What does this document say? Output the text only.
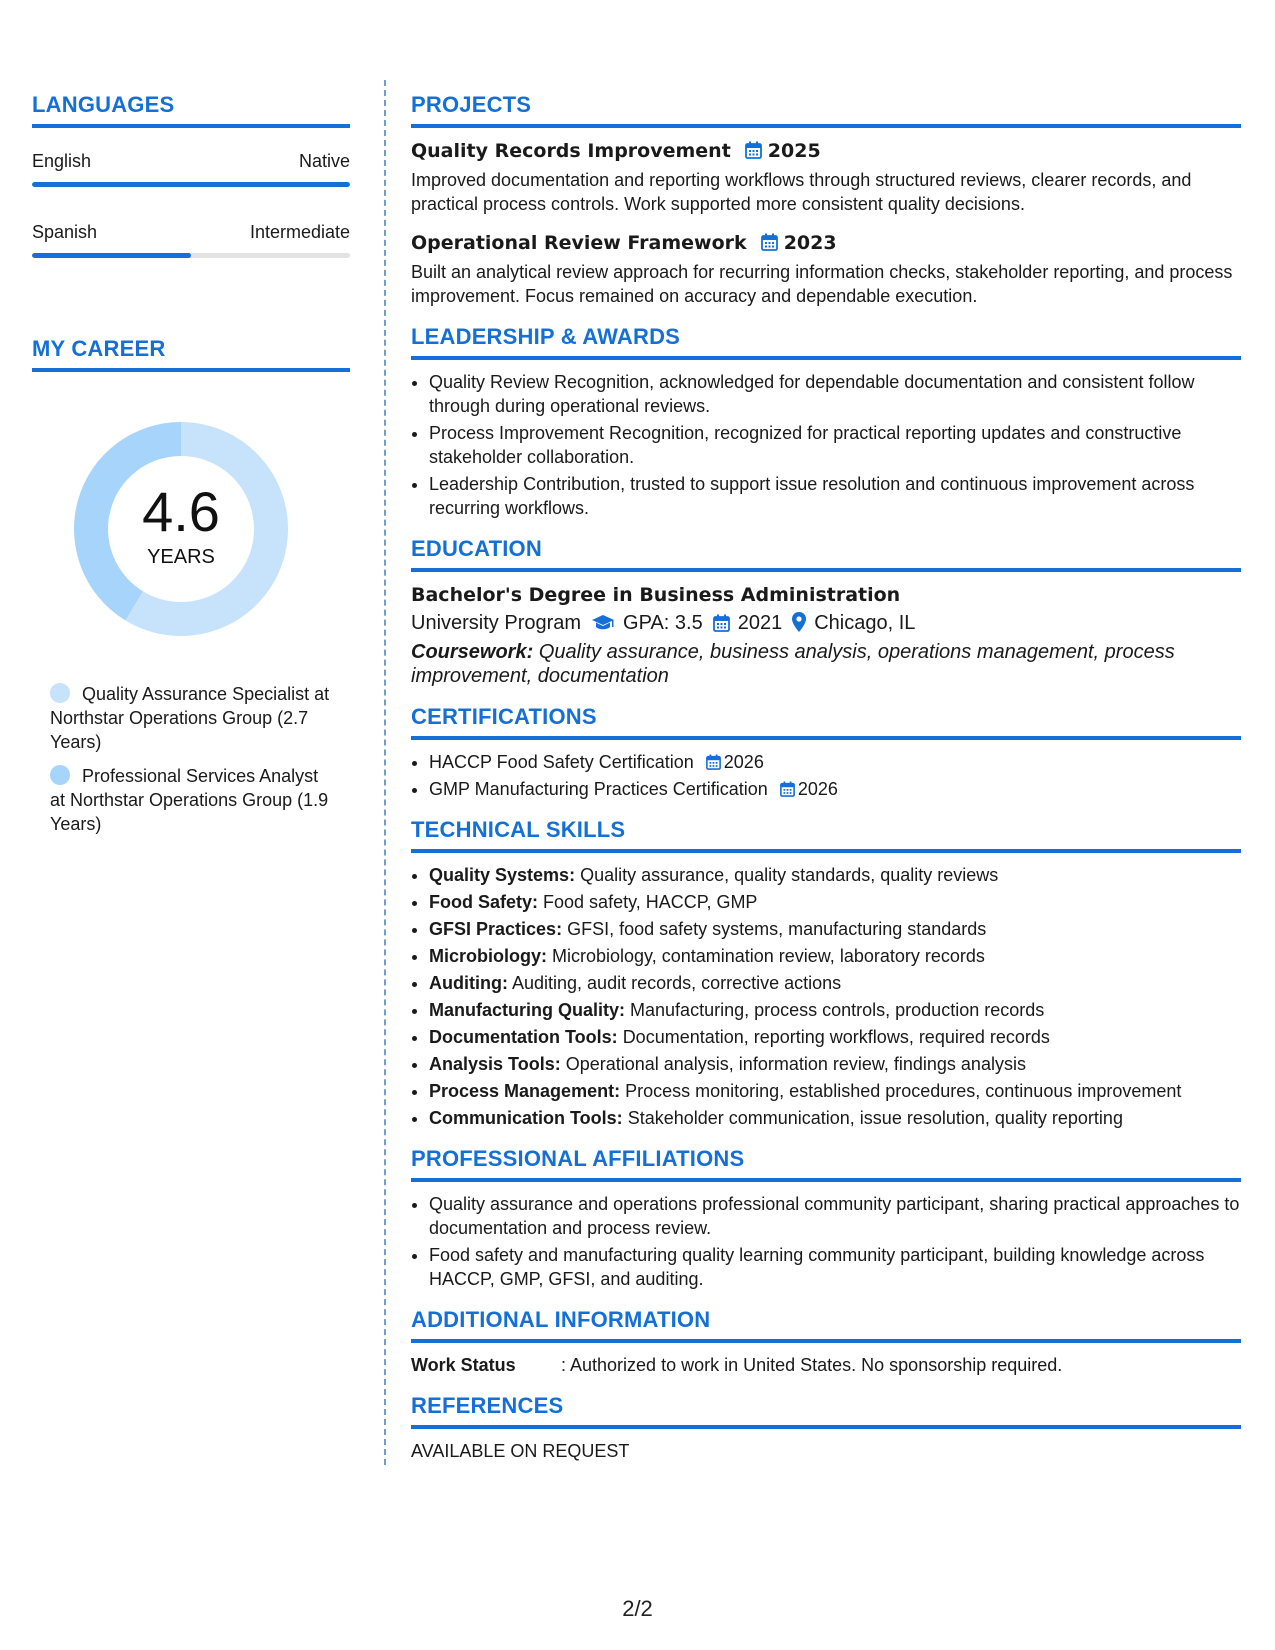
LANGUAGES
English	Native
Spanish	Intermediate
MY CAREER
4.6
YEARS
Quality Assurance Specialist at Northstar Operations Group (2.7 Years)
Professional Services Analyst at Northstar Operations Group (1.9 Years)
PROJECTS
Quality Records Improvement 2025
Improved documentation and reporting workflows through structured reviews, clearer records, and practical process controls. Work supported more consistent quality decisions.
Operational Review Framework 2023
Built an analytical review approach for recurring information checks, stakeholder reporting, and process improvement. Focus remained on accuracy and dependable execution.
LEADERSHIP & AWARDS
• Quality Review Recognition, acknowledged for dependable documentation and consistent follow through during operational reviews.
• Process Improvement Recognition, recognized for practical reporting updates and constructive stakeholder collaboration.
• Leadership Contribution, trusted to support issue resolution and continuous improvement across recurring workflows.
EDUCATION
Bachelor's Degree in Business Administration
University Program GPA: 3.5 2021 Chicago, IL
Coursework: Quality assurance, business analysis, operations management, process improvement, documentation
CERTIFICATIONS
• HACCP Food Safety Certification 2026
• GMP Manufacturing Practices Certification 2026
TECHNICAL SKILLS
• Quality Systems: Quality assurance, quality standards, quality reviews
• Food Safety: Food safety, HACCP, GMP
• GFSI Practices: GFSI, food safety systems, manufacturing standards
• Microbiology: Microbiology, contamination review, laboratory records
• Auditing: Auditing, audit records, corrective actions
• Manufacturing Quality: Manufacturing, process controls, production records
• Documentation Tools: Documentation, reporting workflows, required records
• Analysis Tools: Operational analysis, information review, findings analysis
• Process Management: Process monitoring, established procedures, continuous improvement
• Communication Tools: Stakeholder communication, issue resolution, quality reporting
PROFESSIONAL AFFILIATIONS
• Quality assurance and operations professional community participant, sharing practical approaches to documentation and process review.
• Food safety and manufacturing quality learning community participant, building knowledge across HACCP, GMP, GFSI, and auditing.
ADDITIONAL INFORMATION
Work Status	: Authorized to work in United States. No sponsorship required.
REFERENCES
AVAILABLE ON REQUEST
2/2
